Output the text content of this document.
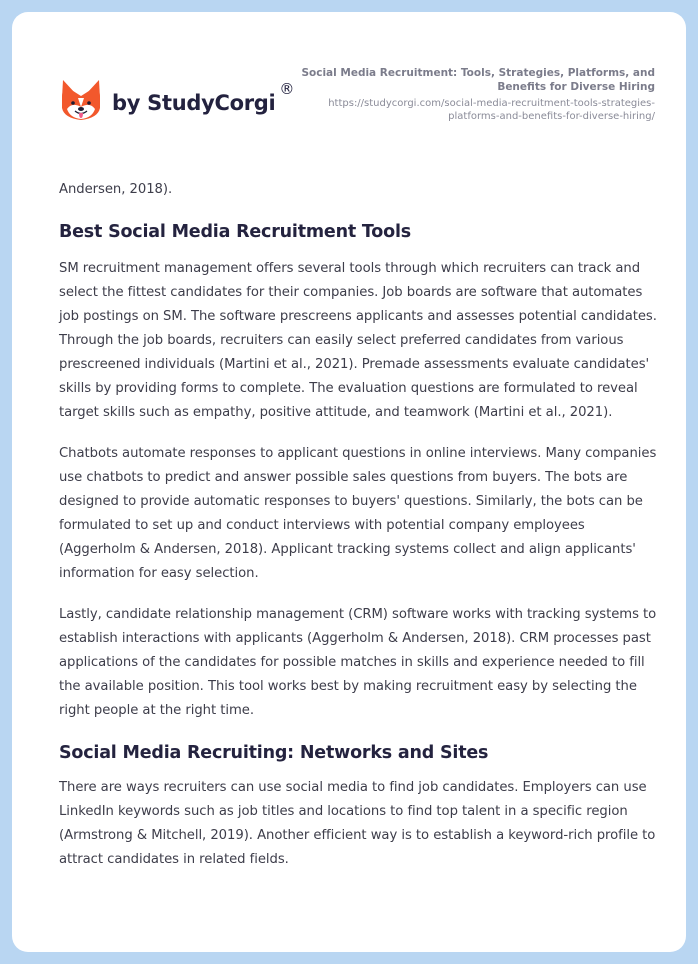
by StudyCorgi
®
Social Media Recruitment: Tools, Strategies, Platforms, and Benefits for Diverse Hiring
https://studycorgi.com/social-media-recruitment-tools-strategies-platforms-and-benefits-for-diverse-hiring/

Andersen, 2018).

Best Social Media Recruitment Tools

SM recruitment management offers several tools through which recruiters can track and select the fittest candidates for their companies. Job boards are software that automates job postings on SM. The software prescreens applicants and assesses potential candidates. Through the job boards, recruiters can easily select preferred candidates from various prescreened individuals (Martini et al., 2021). Premade assessments evaluate candidates' skills by providing forms to complete. The evaluation questions are formulated to reveal target skills such as empathy, positive attitude, and teamwork (Martini et al., 2021).

Chatbots automate responses to applicant questions in online interviews. Many companies use chatbots to predict and answer possible sales questions from buyers. The bots are designed to provide automatic responses to buyers' questions. Similarly, the bots can be formulated to set up and conduct interviews with potential company employees (Aggerholm & Andersen, 2018). Applicant tracking systems collect and align applicants' information for easy selection.

Lastly, candidate relationship management (CRM) software works with tracking systems to establish interactions with applicants (Aggerholm & Andersen, 2018). CRM processes past applications of the candidates for possible matches in skills and experience needed to fill the available position. This tool works best by making recruitment easy by selecting the right people at the right time.

Social Media Recruiting: Networks and Sites

There are ways recruiters can use social media to find job candidates. Employers can use LinkedIn keywords such as job titles and locations to find top talent in a specific region (Armstrong & Mitchell, 2019). Another efficient way is to establish a keyword-rich profile to attract candidates in related fields.
